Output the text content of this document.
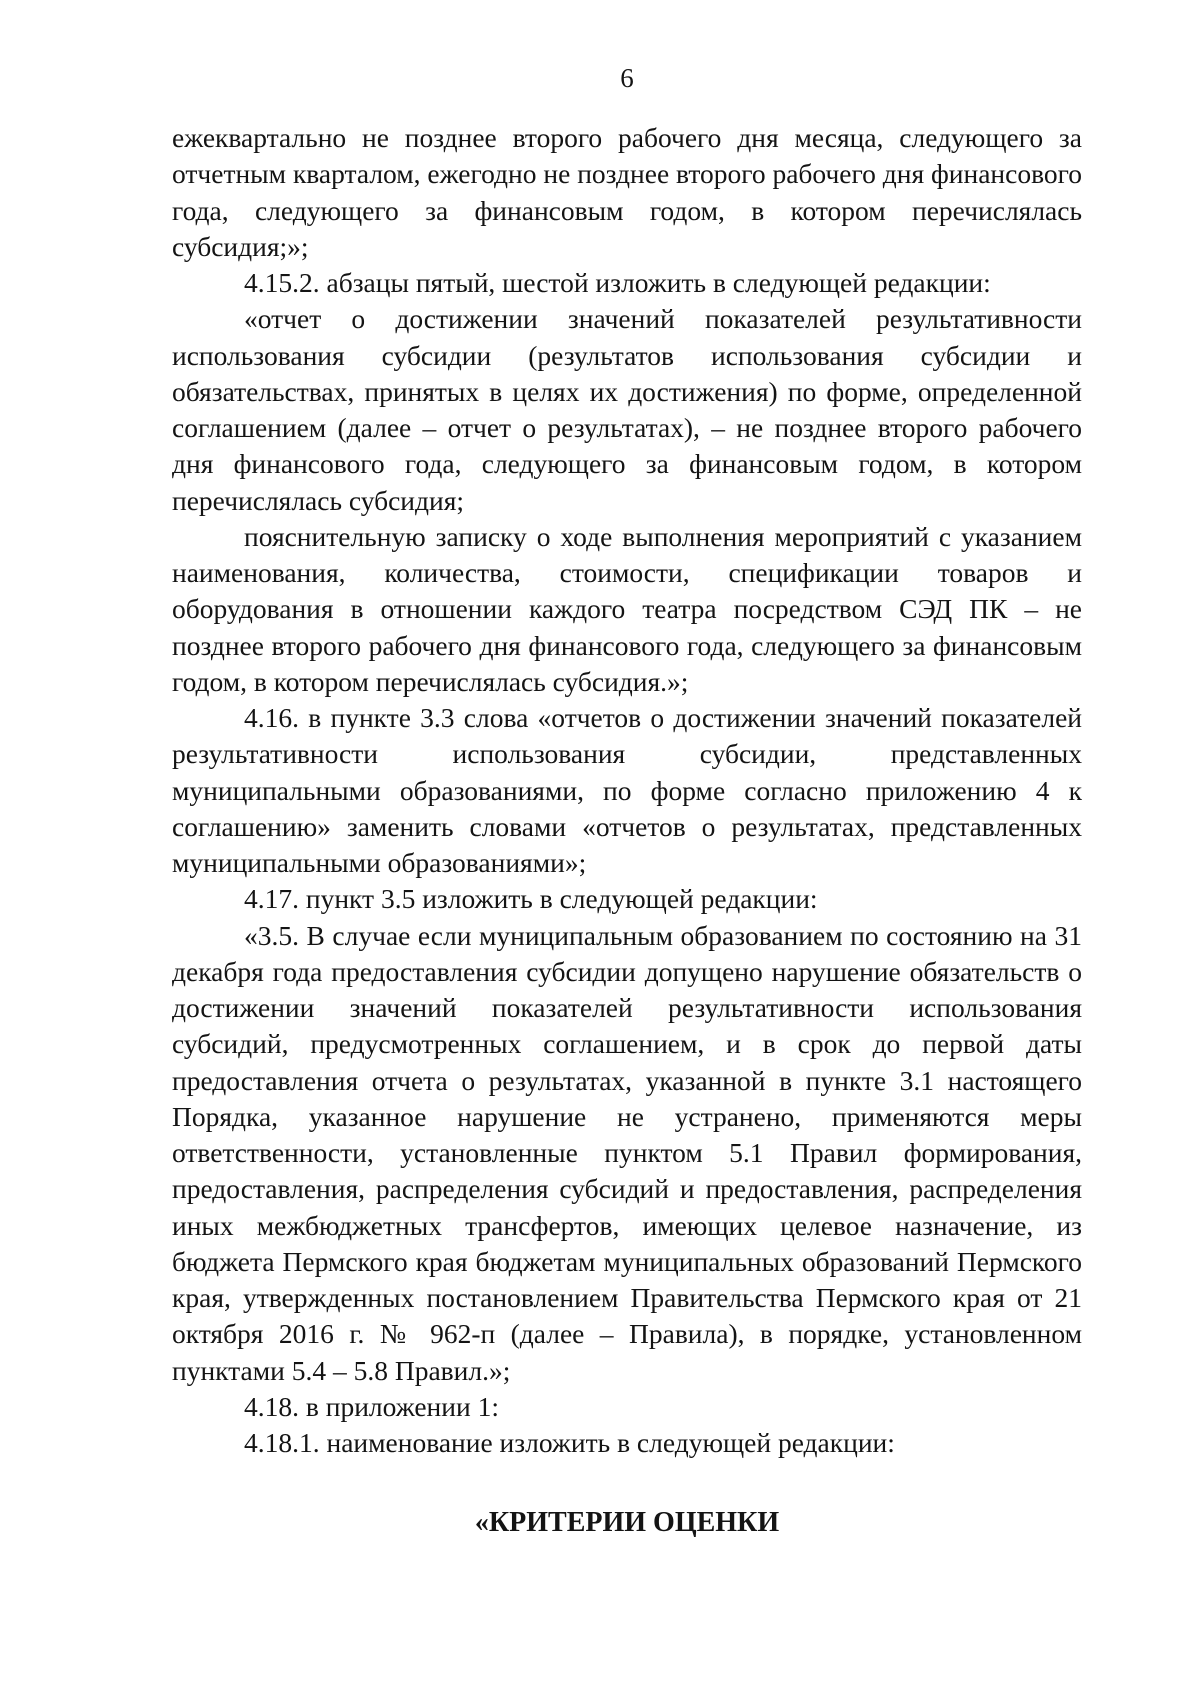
6

ежеквартально не позднее второго рабочего дня месяца, следующего за отчетным кварталом, ежегодно не позднее второго рабочего дня финансового года, следующего за финансовым годом, в котором перечислялась субсидия;»;

4.15.2. абзацы пятый, шестой изложить в следующей редакции:

«отчет о достижении значений показателей результативности использования субсидии (результатов использования субсидии и обязательствах, принятых в целях их достижения) по форме, определенной соглашением (далее – отчет о результатах), – не позднее второго рабочего дня финансового года, следующего за финансовым годом, в котором перечислялась субсидия;

пояснительную записку о ходе выполнения мероприятий с указанием наименования, количества, стоимости, спецификации товаров и оборудования в отношении каждого театра посредством СЭД ПК – не позднее второго рабочего дня финансового года, следующего за финансовым годом, в котором перечислялась субсидия.»;

4.16. в пункте 3.3 слова «отчетов о достижении значений показателей результативности использования субсидии, представленных муниципальными образованиями, по форме согласно приложению 4 к соглашению» заменить словами «отчетов о результатах, представленных муниципальными образованиями»;

4.17. пункт 3.5 изложить в следующей редакции:

«3.5. В случае если муниципальным образованием по состоянию на 31 декабря года предоставления субсидии допущено нарушение обязательств о достижении значений показателей результативности использования субсидий, предусмотренных соглашением, и в срок до первой даты предоставления отчета о результатах, указанной в пункте 3.1 настоящего Порядка, указанное нарушение не устранено, применяются меры ответственности, установленные пунктом 5.1 Правил формирования, предоставления, распределения субсидий и предоставления, распределения иных межбюджетных трансфертов, имеющих целевое назначение, из бюджета Пермского края бюджетам муниципальных образований Пермского края, утвержденных постановлением Правительства Пермского края от 21 октября 2016 г. № 962-п (далее – Правила), в порядке, установленном пунктами 5.4 – 5.8 Правил.»;

4.18. в приложении 1:

4.18.1. наименование изложить в следующей редакции:

«КРИТЕРИИ ОЦЕНКИ
